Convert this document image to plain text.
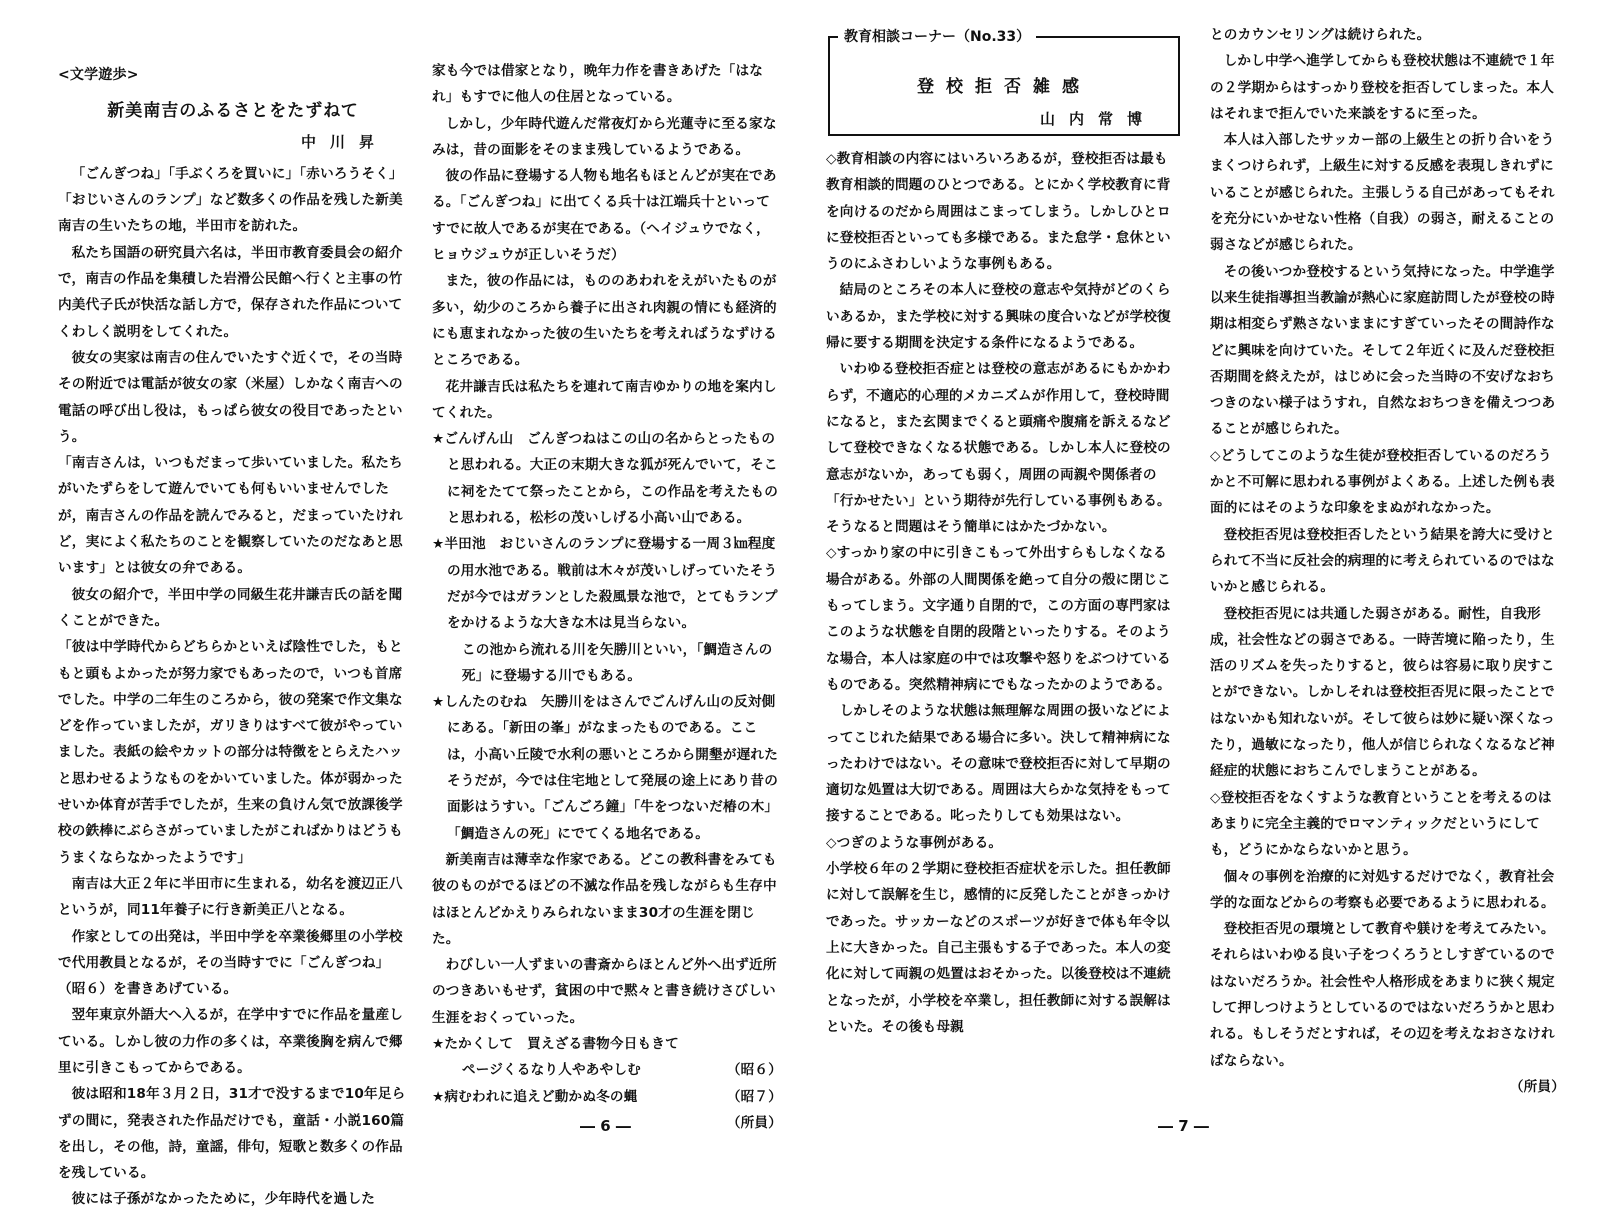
<文学遊歩>
新美南吉のふるさとをたずねて
中川昇

「ごんぎつね」「手ぶくろを買いに」「赤いろうそく」「おじいさんのランプ」など数多くの作品を残した新美南吉の生いたちの地，半田市を訪れた。

私たち国語の研究員六名は，半田市教育委員会の紹介で，南吉の作品を集積した岩滑公民館へ行くと主事の竹内美代子氏が快活な話し方で，保存された作品についてくわしく説明をしてくれた。

彼女の実家は南吉の住んでいたすぐ近くで，その当時その附近では電話が彼女の家（米屋）しかなく南吉への電話の呼び出し役は，もっぱら彼女の役目であったという。

「南吉さんは，いつもだまって歩いていました。私たちがいたずらをして遊んでいても何もいいませんでしたが，南吉さんの作品を読んでみると，だまっていたけれど，実によく私たちのことを観察していたのだなあと思います」とは彼女の弁である。

彼女の紹介で，半田中学の同級生花井謙吉氏の話を聞くことができた。

「彼は中学時代からどちらかといえば陰性でした，もともと頭もよかったが努力家でもあったので，いつも首席でした。中学の二年生のころから，彼の発案で作文集などを作っていましたが，ガリきりはすべて彼がやっていました。表紙の絵やカットの部分は特徴をとらえたハッと思わせるようなものをかいていました。体が弱かったせいか体育が苦手でしたが，生来の負けん気で放課後学校の鉄棒にぶらさがっていましたがこればかりはどうもうまくならなかったようです」

南吉は大正２年に半田市に生まれる，幼名を渡辺正八というが，同11年養子に行き新美正八となる。

作家としての出発は，半田中学を卒業後郷里の小学校で代用教員となるが，その当時すでに「ごんぎつね」（昭６）を書きあげている。

翌年東京外語大へ入るが，在学中すでに作品を量産している。しかし彼の力作の多くは，卒業後胸を病んで郷里に引きこもってからである。

彼は昭和18年３月２日，31才で没するまで10年足らずの間に，発表された作品だけでも，童話・小説160篇を出し，その他，詩，童謡，俳句，短歌と数多くの作品を残している。

彼には子孫がなかったために，少年時代を過した

家も今では借家となり，晩年力作を書きあげた「はなれ」もすでに他人の住居となっている。

しかし，少年時代遊んだ常夜灯から光蓮寺に至る家なみは，昔の面影をそのまま残しているようである。

彼の作品に登場する人物も地名もほとんどが実在である。「ごんぎつね」に出てくる兵十は江端兵十といってすでに故人であるが実在である。（ヘイジュウでなく，ヒョウジュウが正しいそうだ）

また，彼の作品には，もののあわれをえがいたものが多い，幼少のころから養子に出され肉親の情にも経済的にも恵まれなかった彼の生いたちを考えればうなずけるところである。

花井謙吉氏は私たちを連れて南吉ゆかりの地を案内してくれた。

★ごんげん山　ごんぎつねはこの山の名からとったものと思われる。大正の末期大きな狐が死んでいて，そこに祠をたてて祭ったことから，この作品を考えたものと思われる，松杉の茂いしげる小高い山である。

★半田池　おじいさんのランプに登場する一周３㎞程度の用水池である。戦前は木々が茂いしげっていたそうだが今ではガランとした殺風景な池で，とてもランプをかけるような大きな木は見当らない。

この池から流れる川を矢勝川といい，「鯛造さんの死」に登場する川でもある。

★しんたのむね　矢勝川をはさんでごんげん山の反対側にある。「新田の峯」がなまったものである。ここは，小高い丘陵で水利の悪いところから開墾が遅れたそうだが，今では住宅地として発展の途上にあり昔の面影はうすい。「ごんごろ鐘」「牛をつないだ椿の木」「鯛造さんの死」にでてくる地名である。

新美南吉は薄幸な作家である。どこの教科書をみても彼のものがでるほどの不滅な作品を残しながらも生存中はほとんどかえりみられないまま30才の生涯を閉じた。

わびしい一人ずまいの書斎からほとんど外へ出ず近所のつきあいもせず，貧困の中で黙々と書き続けさびしい生涯をおくっていった。

★たかくして　買えざる書物今日もきて

ページくるなり人やあやしむ	（昭６）

★病むわれに追えど動かぬ冬の蝿	（昭７）

（所員）

― 6 ―
教育相談コーナー（No.33）
登校拒否雑感
山内常博

◇教育相談の内容にはいろいろあるが，登校拒否は最も教育相談的問題のひとつである。とにかく学校教育に背を向けるのだから周囲はこまってしまう。しかしひとロに登校拒否といっても多様である。また怠学・怠休というのにふさわしいような事例もある。

結局のところその本人に登校の意志や気持がどのくらいあるか，また学校に対する興味の度合いなどが学校復帰に要する期間を決定する条件になるようである。

いわゆる登校拒否症とは登校の意志があるにもかかわらず，不適応的心理的メカニズムが作用して，登校時間になると，また玄関までくると頭痛や腹痛を訴えるなどして登校できなくなる状態である。しかし本人に登校の意志がないか，あっても弱く，周囲の両親や関係者の「行かせたい」という期待が先行している事例もある。そうなると問題はそう簡単にはかたづかない。

◇すっかり家の中に引きこもって外出すらもしなくなる場合がある。外部の人間関係を絶って自分の殻に閉じこもってしまう。文字通り自閉的で，この方面の専門家はこのような状態を自閉的段階といったりする。そのような場合，本人は家庭の中では攻撃や怒りをぶつけているものである。突然精神病にでもなったかのようである。

しかしそのような状態は無理解な周囲の扱いなどによってこじれた結果である場合に多い。決して精神病になったわけではない。その意味で登校拒否に対して早期の適切な処置は大切である。周囲は大らかな気持をもって接することである。叱ったりしても効果はない。

◇つぎのような事例がある。

小学校６年の２学期に登校拒否症状を示した。担任教師に対して誤解を生じ，感情的に反発したことがきっかけであった。サッカーなどのスポーツが好きで体も年令以上に大きかった。自己主張もする子であった。本人の変化に対して両親の処置はおそかった。以後登校は不連続となったが，小学校を卒業し，担任教師に対する誤解はといた。その後も母親

とのカウンセリングは続けられた。

しかし中学へ進学してからも登校状態は不連続で１年の２学期からはすっかり登校を拒否してしまった。本人はそれまで拒んでいた来談をするに至った。

本人は入部したサッカー部の上級生との折り合いをうまくつけられず，上級生に対する反感を表現しきれずにいることが感じられた。主張しうる自己があってもそれを充分にいかせない性格（自我）の弱さ，耐えることの弱さなどが感じられた。

その後いつか登校するという気持になった。中学進学以来生徒指導担当教諭が熱心に家庭訪問したが登校の時期は相変らず熟さないままにすぎていったその間詩作などに興味を向けていた。そして２年近くに及んだ登校拒否期間を終えたが，はじめに会った当時の不安げなおちつきのない様子はうすれ，自然なおちつきを備えつつあることが感じられた。

◇どうしてこのような生徒が登校拒否しているのだろうかと不可解に思われる事例がよくある。上述した例も表面的にはそのような印象をまぬがれなかった。

登校拒否児は登校拒否したという結果を誇大に受けとられて不当に反社会的病理的に考えられているのではないかと感じられる。

登校拒否児には共通した弱さがある。耐性，自我形成，社会性などの弱さである。一時苦境に陥ったり，生活のリズムを失ったりすると，彼らは容易に取り戻すことができない。しかしそれは登校拒否児に限ったことではないかも知れないが。そして彼らは妙に疑い深くなったり，過敏になったり，他人が信じられなくなるなど神経症的状態におちこんでしまうことがある。

◇登校拒否をなくすような教育ということを考えるのはあまりに完全主義的でロマンティックだというにしても，どうにかならないかと思う。

個々の事例を治療的に対処するだけでなく，教育社会学的な面などからの考察も必要であるように思われる。

登校拒否児の環境として教育や躾けを考えてみたい。それらはいわゆる良い子をつくろうとしすぎているのではないだろうか。社会性や人格形成をあまりに狭く規定して押しつけようとしているのではないだろうかと思われる。もしそうだとすれば，その辺を考えなおさなければならない。

（所員）

― 7 ―
